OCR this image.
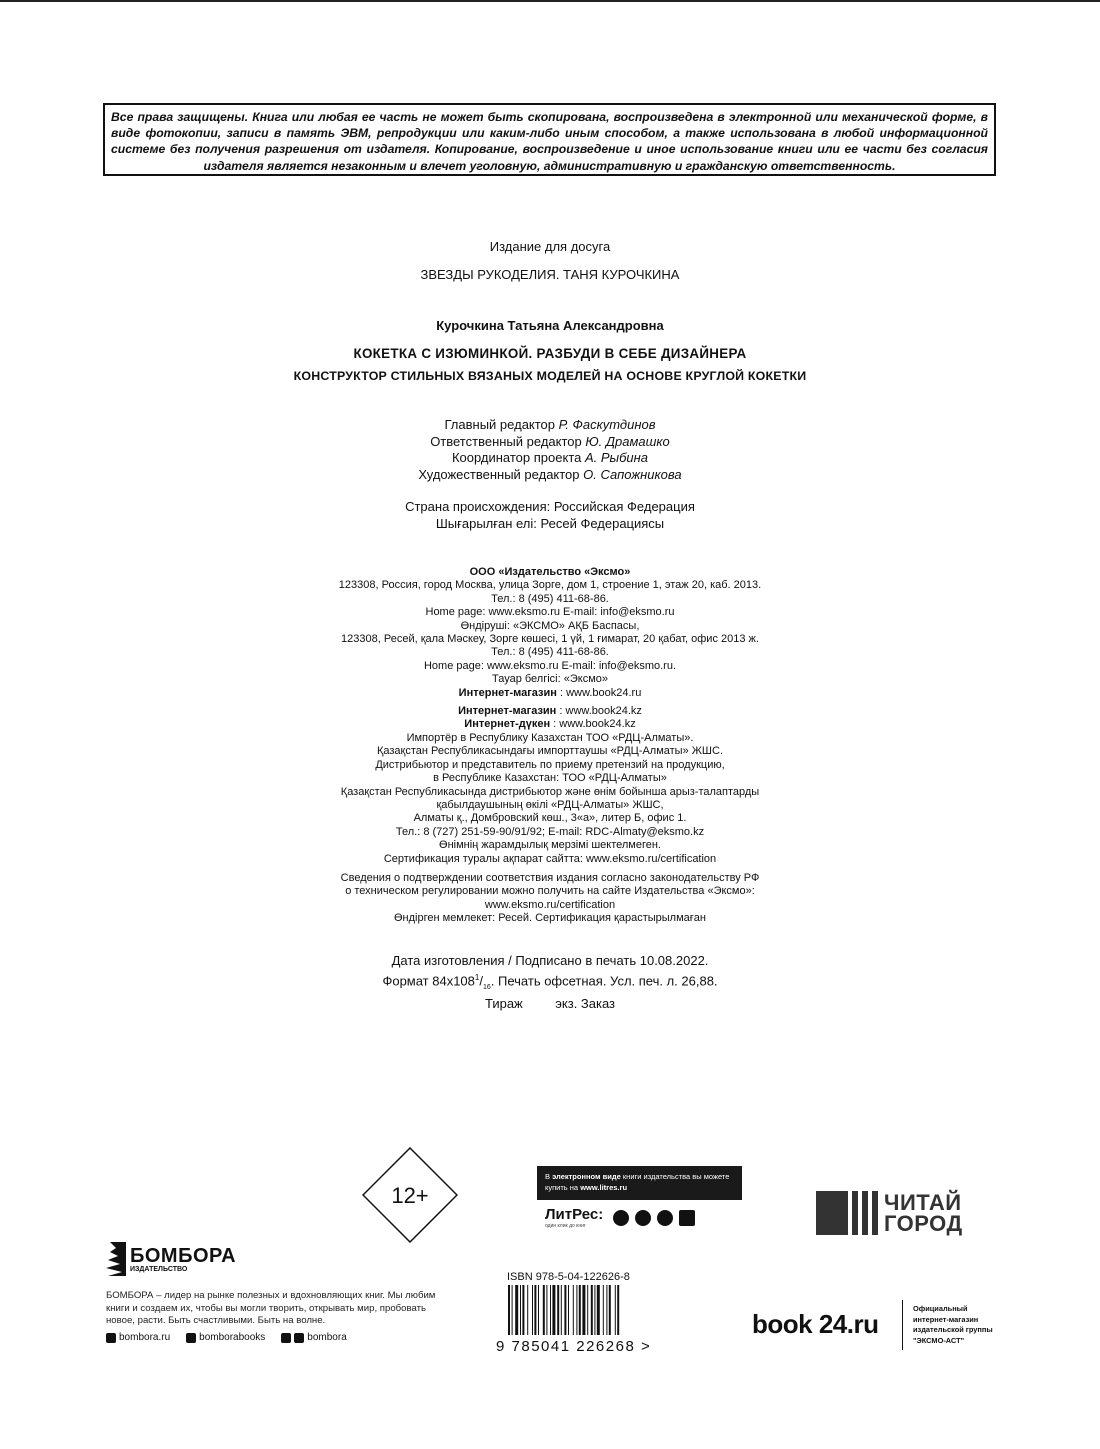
Все права защищены. Книга или любая ее часть не может быть скопирована, воспроизведена в электронной или механической форме, в виде фотокопии, записи в память ЭВМ, репродукции или каким-либо иным способом, а также использована в любой информационной системе без получения разрешения от издателя. Копирование, воспроизведение и иное использование книги или ее части без согласия издателя является незаконным и влечет уголовную, административную и гражданскую ответственность.
Издание для досуга
ЗВЕЗДЫ РУКОДЕЛИЯ. ТАНЯ КУРОЧКИНА
Курочкина Татьяна Александровна
КОКЕТКА С ИЗЮМИНКОЙ. РАЗБУДИ В СЕБЕ ДИЗАЙНЕРА
КОНСТРУКТОР СТИЛЬНЫХ ВЯЗАНЫХ МОДЕЛЕЙ НА ОСНОВЕ КРУГЛОЙ КОКЕТКИ

Главный редактор Р. Фаскутдинов

Ответственный редактор Ю. Драмашко

Координатор проекта А. Рыбина

Художественный редактор О. Сапожникова

Страна происхождения: Российская Федерация

Шығарылған елі: Ресей Федерациясы

ООО «Издательство «Эксмо»

123308, Россия, город Москва, улица Зорге, дом 1, строение 1, этаж 20, каб. 2013.

Тел.: 8 (495) 411-68-86.

Home page: www.eksmo.ru E-mail: info@eksmo.ru

Өндіруші: «ЭКСМО» АҚБ Баспасы,

123308, Ресей, қала Мәскеу, Зорге көшесі, 1 үй, 1 ғимарат, 20 қабат, офис 2013 ж.

Тел.: 8 (495) 411-68-86.

Home page: www.eksmo.ru E-mail: info@eksmo.ru.

Тауар белгісі: «Эксмо»

Интернет-магазин : www.book24.ru

Интернет-магазин : www.book24.kz

Интернет-дүкен : www.book24.kz

Импортёр в Республику Казахстан ТОО «РДЦ-Алматы».

Қазақстан Республикасындағы импорттаушы «РДЦ-Алматы» ЖШС.

Дистрибьютор и представитель по приему претензий на продукцию,

в Республике Казахстан: ТОО «РДЦ-Алматы»

Қазақстан Республикасында дистрибьютор және өнім бойынша арыз-талаптарды

қабылдаушының өкілі «РДЦ-Алматы» ЖШС,

Алматы қ., Домбровский көш., 3«а», литер Б, офис 1.

Тел.: 8 (727) 251-59-90/91/92; E-mail: RDC-Almaty@eksmo.kz

Өнімнің жарамдылық мерзімі шектелмеген.

Сертификация туралы ақпарат сайтта: www.eksmo.ru/certification

Сведения о подтверждении соответствия издания согласно законодательству РФ

о техническом регулировании можно получить на сайте Издательства «Эксмо»:

www.eksmo.ru/certification

Өндірген мемлекет: Ресей. Сертификация қарастырылмаған

Дата изготовления / Подписано в печать 10.08.2022.

Формат $84x108^1/_{16}$. Печать офсетная. Усл. печ. л. 26,88.

Тираж	экз. Заказ

12+
В электронном виде книги издательства вы можете
купить на www.litres.ru
ЛитРес:
один клик до книг
ЧИТАЙ
ГОРОД
БОМБОРА
ИЗДАТЕЛЬСТВО
БОМБОРА – лидер на рынке полезных и вдохновляющих книг. Мы любим книги и создаем их, чтобы вы могли творить, открывать мир, пробовать новое, расти. Быть счастливыми. Быть на волне.
bombora.ru	bomborabooks	bombora
ISBN 978-5-04-122626-8
9 785041 226268 >
book 24.ru
Официальный
интернет-магазин
издательской группы
"ЭКСМО-АСТ"
